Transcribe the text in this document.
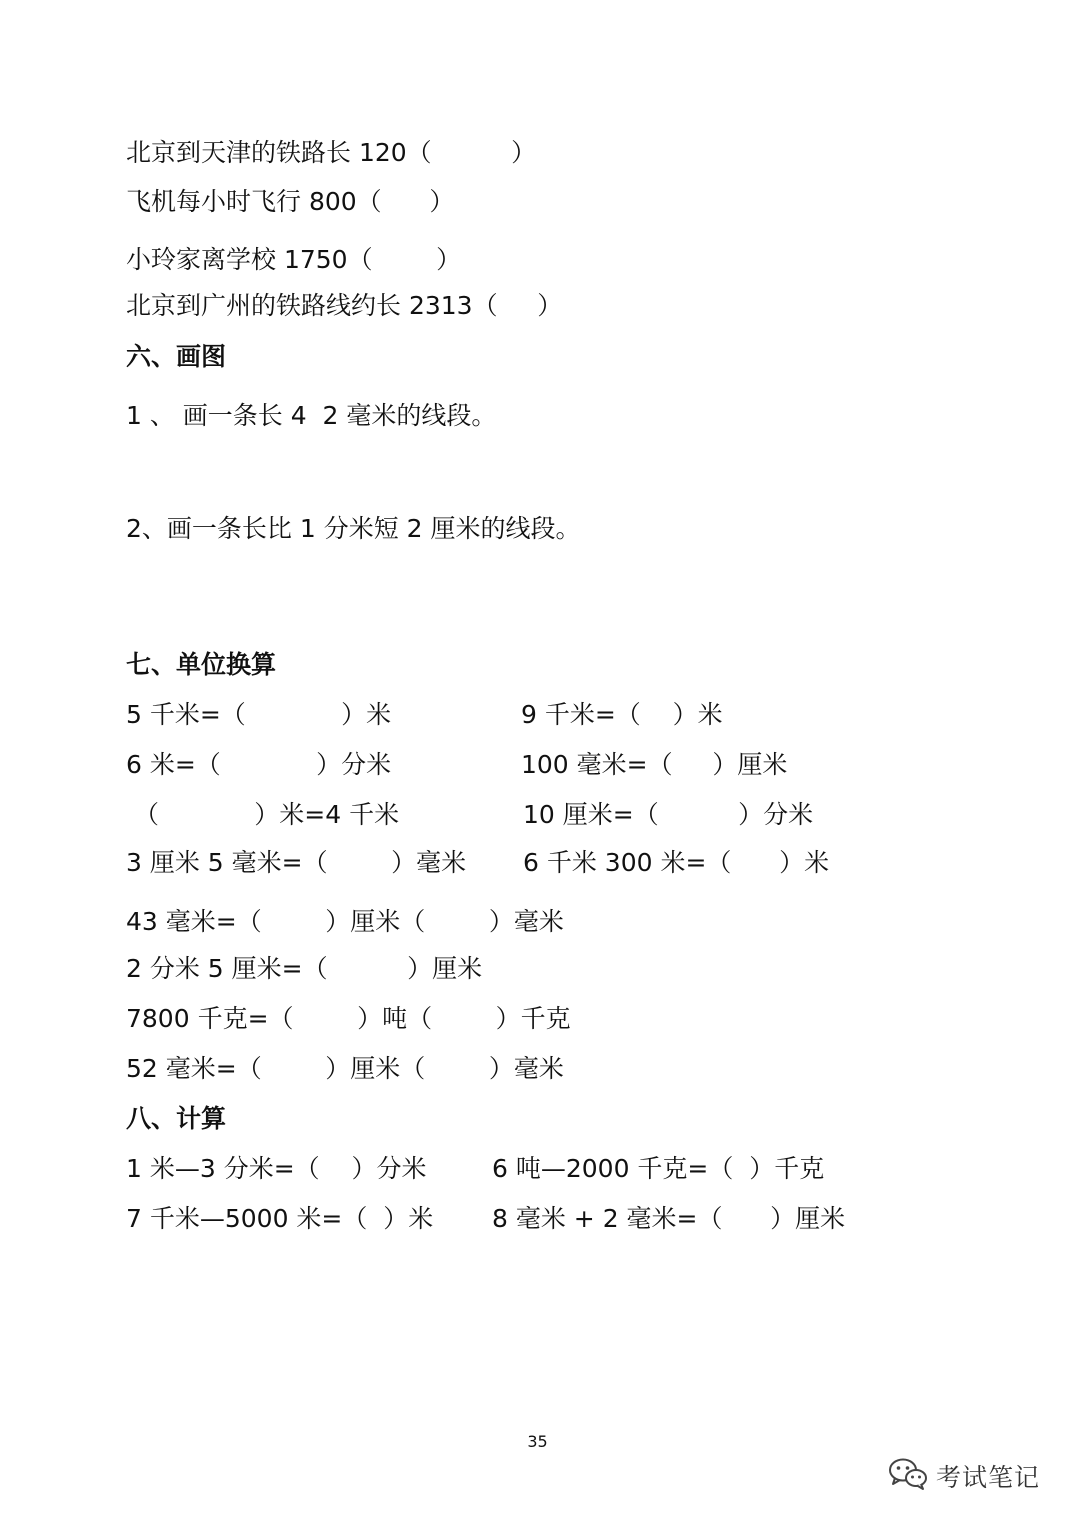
北京到天津的铁路长 120（          ）
飞机每小时飞行 800（      ）
小玲家离学校 1750（        ）
北京到广州的铁路线约长 2313（     ）
六、画图
1 、 画一条长 4  2 毫米的线段。
2、画一条长比 1 分米短 2 厘米的线段。
七、单位换算
5 千米=（            ）米	9 千米=（    ）米
6 米=（            ）分米	100 毫米=（     ）厘米
（            ）米=4 千米	10 厘米=（          ）分米
3 厘米 5 毫米=（        ）毫米 6 千米 300 米=（      ）米
43 毫米=（        ）厘米（        ）毫米
2 分米 5 厘米=（          ）厘米
7800 千克=（        ）吨（        ）千克
52 毫米=（        ）厘米（        ）毫米
八、计算
1 米—3 分米=（    ）分米	6 吨—2000 千克=（  ）千克
7 千米—5000 米=（  ）米 8 毫米 + 2 毫米=（      ）厘米
35
考试笔记
